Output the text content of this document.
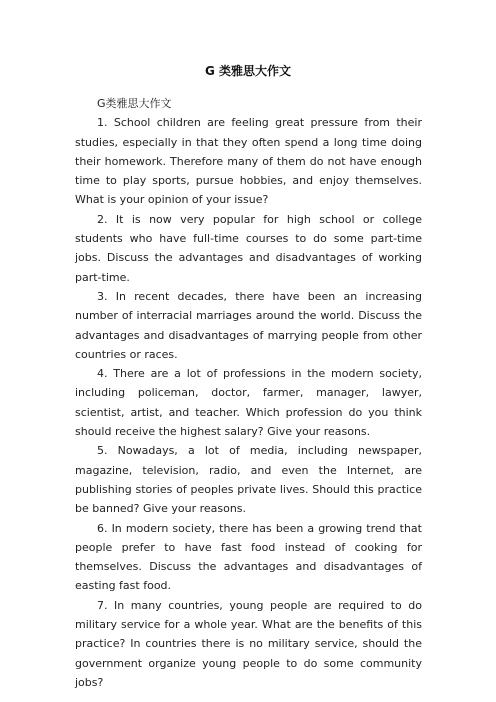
G 类雅思大作文

G类雅思大作文

1. School children are feeling great pressure from their studies, especially in that they often spend a long time doing their homework. Therefore many of them do not have enough time to play sports, pursue hobbies, and enjoy themselves. What is your opinion of your issue?

2. It is now very popular for high school or college students who have full-time courses to do some part-time jobs. Discuss the advantages and disadvantages of working part-time.

3. In recent decades, there have been an increasing number of interracial marriages around the world. Discuss the advantages and disadvantages of marrying people from other countries or races.

4. There are a lot of professions in the modern society, including policeman, doctor, farmer, manager, lawyer, scientist, artist, and teacher. Which profession do you think should receive the highest salary? Give your reasons.

5. Nowadays, a lot of media, including newspaper, magazine, television, radio, and even the Internet, are publishing stories of peoples private lives. Should this practice be banned? Give your reasons.

6. In modern society, there has been a growing trend that people prefer to have fast food instead of cooking for themselves. Discuss the advantages and disadvantages of easting fast food.

7. In many countries, young people are required to do military service for a whole year. What are the benefits of this practice? In countries there is no military service, should the government organize young people to do some community jobs?
